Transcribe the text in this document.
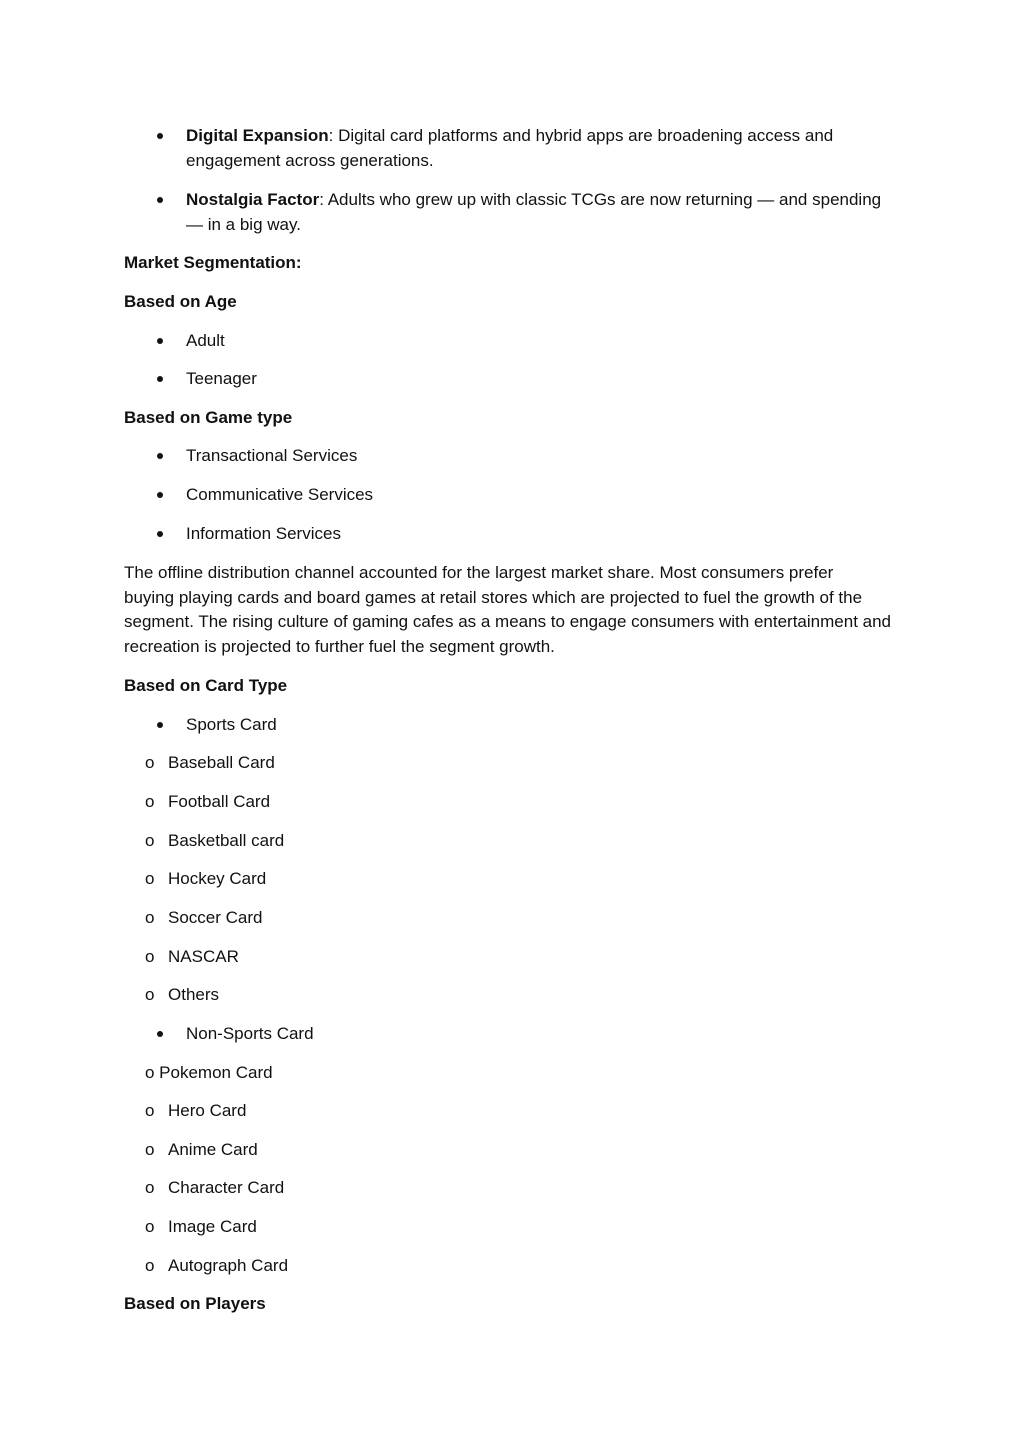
Digital Expansion: Digital card platforms and hybrid apps are broadening access and

engagement across generations.

Nostalgia Factor: Adults who grew up with classic TCGs are now returning — and spending

— in a big way.

Market Segmentation:

Based on Age

Adult

Teenager

Based on Game type

Transactional Services

Communicative Services

Information Services

The offline distribution channel accounted for the largest market share. Most consumers prefer

buying playing cards and board games at retail stores which are projected to fuel the growth of the

segment. The rising culture of gaming cafes as a means to engage consumers with entertainment and

recreation is projected to further fuel the segment growth.

Based on Card Type

Sports Card

o Baseball Card

o Football Card

o Basketball card

o Hockey Card

o Soccer Card

o NASCAR

o Others

Non-Sports Card

o Pokemon Card

o Hero Card

o Anime Card

o Character Card

o Image Card

o Autograph Card

Based on Players
